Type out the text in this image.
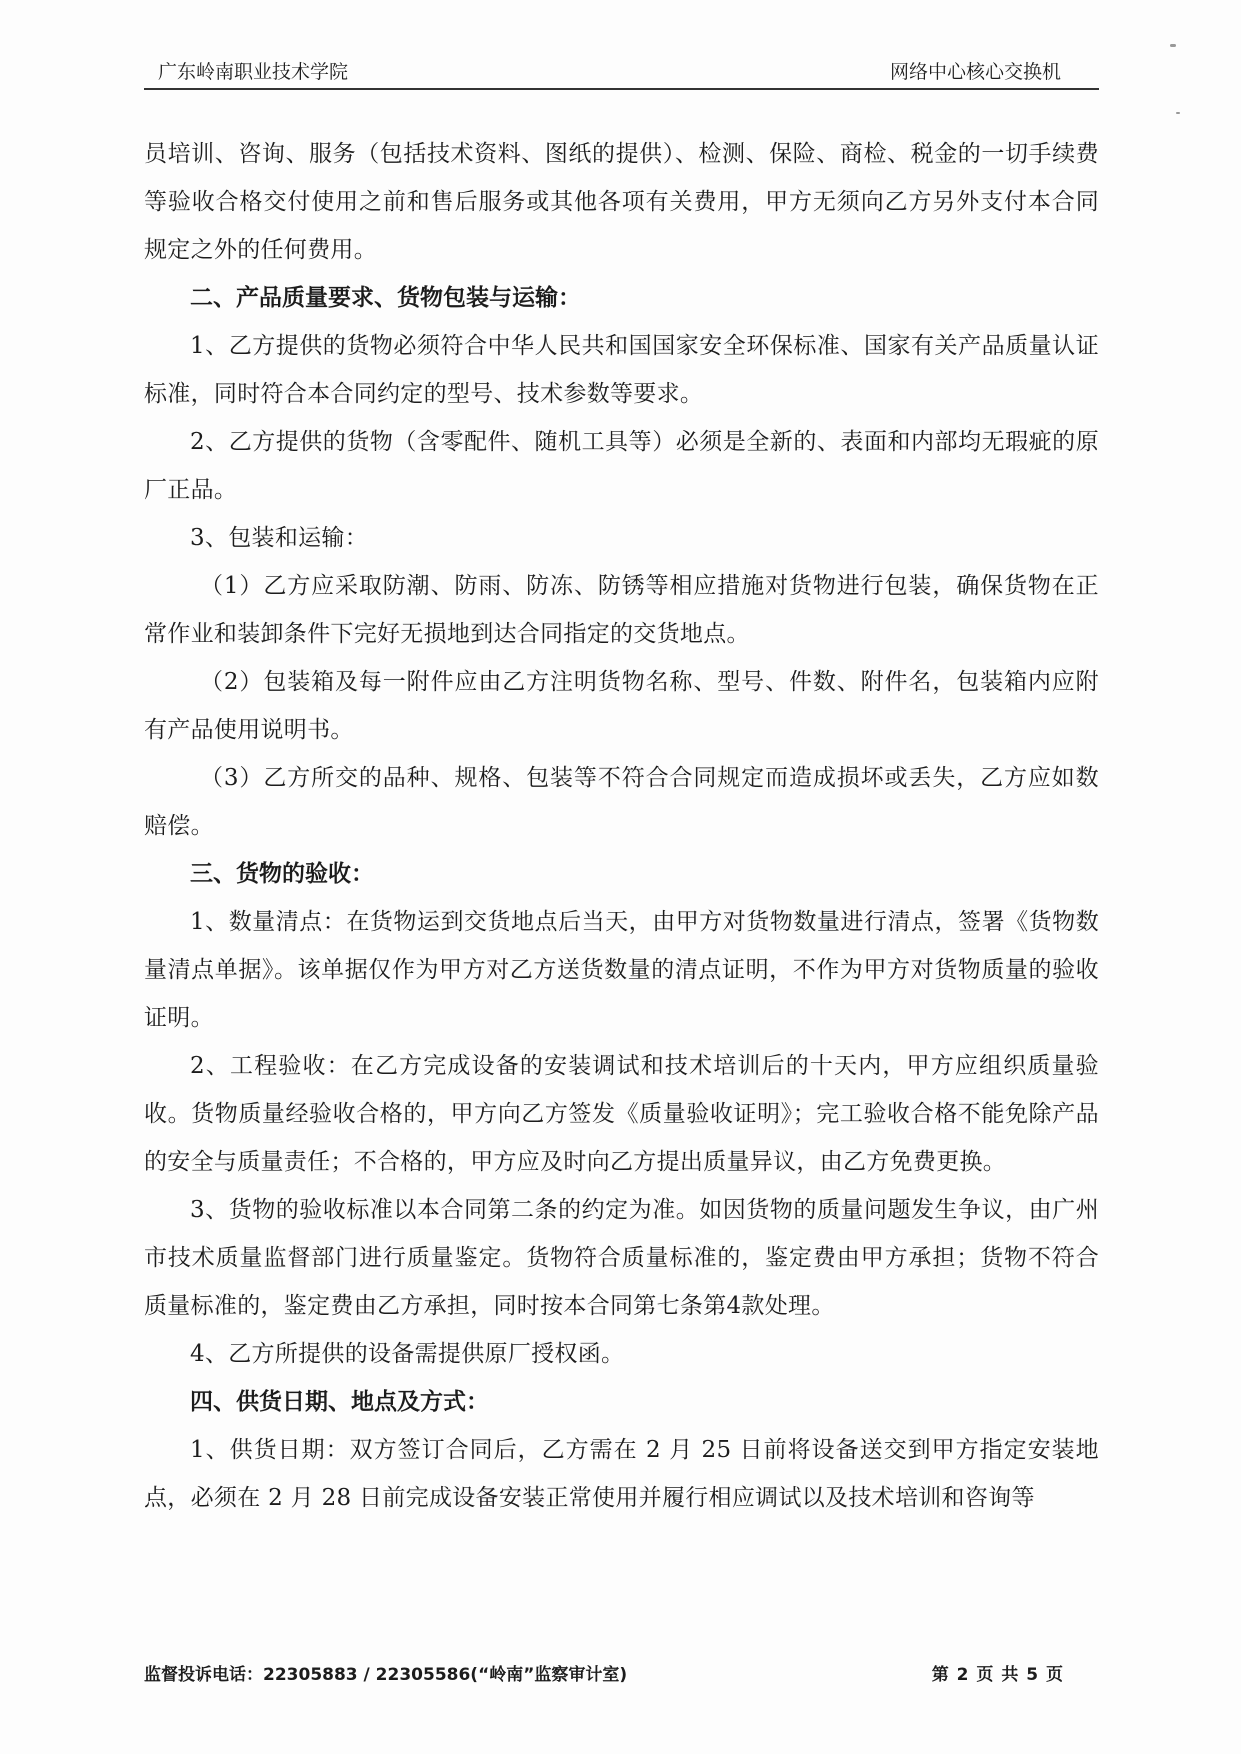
广东岭南职业技术学院	网络中心核心交换机

员培训、咨询、服务（包括技术资料、图纸的提供）、检测、保险、商检、税金的一切手续费等验收合格交付使用之前和售后服务或其他各项有关费用，甲方无须向乙方另外支付本合同规定之外的任何费用。

二、产品质量要求、货物包装与运输：

1、乙方提供的货物必须符合中华人民共和国国家安全环保标准、国家有关产品质量认证标准，同时符合本合同约定的型号、技术参数等要求。

2、乙方提供的货物（含零配件、随机工具等）必须是全新的、表面和内部均无瑕疵的原厂正品。

3、包装和运输：

（1）乙方应采取防潮、防雨、防冻、防锈等相应措施对货物进行包装，确保货物在正常作业和装卸条件下完好无损地到达合同指定的交货地点。

（2）包装箱及每一附件应由乙方注明货物名称、型号、件数、附件名，包装箱内应附有产品使用说明书。

（3）乙方所交的品种、规格、包装等不符合合同规定而造成损坏或丢失，乙方应如数赔偿。

三、货物的验收：

1、数量清点：在货物运到交货地点后当天，由甲方对货物数量进行清点，签署《货物数量清点单据》。该单据仅作为甲方对乙方送货数量的清点证明，不作为甲方对货物质量的验收证明。

2、工程验收：在乙方完成设备的安装调试和技术培训后的十天内，甲方应组织质量验收。货物质量经验收合格的，甲方向乙方签发《质量验收证明》；完工验收合格不能免除产品的安全与质量责任；不合格的，甲方应及时向乙方提出质量异议，由乙方免费更换。

3、货物的验收标准以本合同第二条的约定为准。如因货物的质量问题发生争议，由广州市技术质量监督部门进行质量鉴定。货物符合质量标准的，鉴定费由甲方承担；货物不符合质量标准的，鉴定费由乙方承担，同时按本合同第七条第4款处理。

4、乙方所提供的设备需提供原厂授权函。

四、供货日期、地点及方式：

1、供货日期：双方签订合同后，乙方需在 2 月 25 日前将设备送交到甲方指定安装地点，必须在 2 月 28 日前完成设备安装正常使用并履行相应调试以及技术培训和咨询等

监督投诉电话：22305883 / 22305586(“岭南”监察审计室)	第 2 页 共 5 页
